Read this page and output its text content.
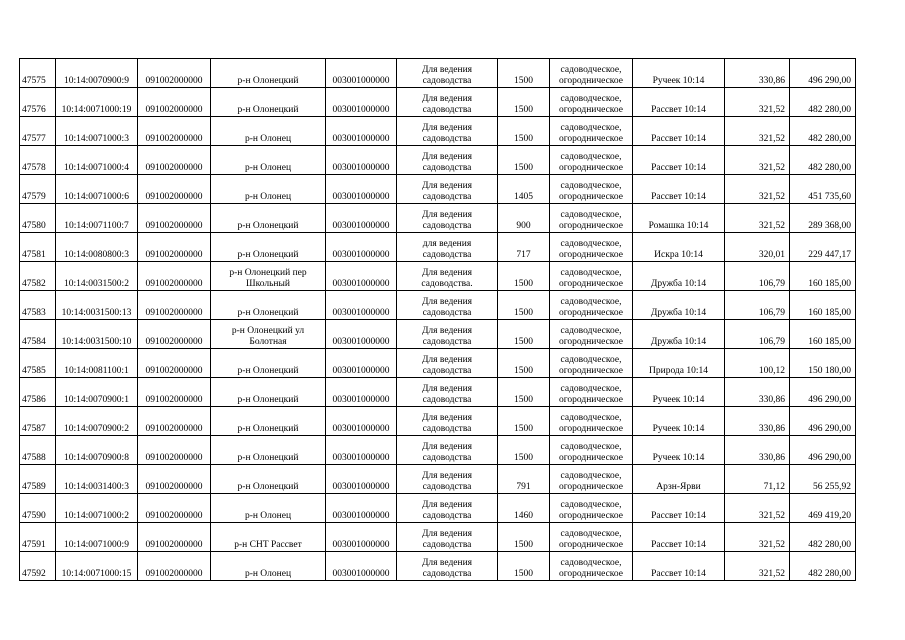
47575	10:14:0070900:9	091002000000	р-н Олонецкий	003001000000	Для ведения
садоводства	1500	садоводческое,
огородническое	Ручеек 10:14	330,86	496 290,00
47576	10:14:0071000:19	091002000000	р-н Олонецкий	003001000000	Для ведения
садоводства	1500	садоводческое,
огородническое	Рассвет 10:14	321,52	482 280,00
47577	10:14:0071000:3	091002000000	р-н Олонец	003001000000	Для ведения
садоводства	1500	садоводческое,
огородническое	Рассвет 10:14	321,52	482 280,00
47578	10:14:0071000:4	091002000000	р-н Олонец	003001000000	Для ведения
садоводства	1500	садоводческое,
огородническое	Рассвет 10:14	321,52	482 280,00
47579	10:14:0071000:6	091002000000	р-н Олонец	003001000000	Для ведения
садоводства	1405	садоводческое,
огородническое	Рассвет 10:14	321,52	451 735,60
47580	10:14:0071100:7	091002000000	р-н Олонецкий	003001000000	Для ведения
садоводства	900	садоводческое,
огородническое	Ромашка 10:14	321,52	289 368,00
47581	10:14:0080800:3	091002000000	р-н Олонецкий	003001000000	для ведения
садоводства	717	садоводческое,
огородническое	Искра 10:14	320,01	229 447,17
47582	10:14:0031500:2	091002000000	р-н Олонецкий пер
Школьный	003001000000	Для ведения
садоводства.	1500	садоводческое,
огородническое	Дружба 10:14	106,79	160 185,00
47583	10:14:0031500:13	091002000000	р-н Олонецкий	003001000000	Для ведения
садоводства	1500	садоводческое,
огородническое	Дружба 10:14	106,79	160 185,00
47584	10:14:0031500:10	091002000000	р-н Олонецкий ул
Болотная	003001000000	Для ведения
садоводства	1500	садоводческое,
огородническое	Дружба 10:14	106,79	160 185,00
47585	10:14:0081100:1	091002000000	р-н Олонецкий	003001000000	Для ведения
садоводства	1500	садоводческое,
огородническое	Природа 10:14	100,12	150 180,00
47586	10:14:0070900:1	091002000000	р-н Олонецкий	003001000000	Для ведения
садоводства	1500	садоводческое,
огородническое	Ручеек 10:14	330,86	496 290,00
47587	10:14:0070900:2	091002000000	р-н Олонецкий	003001000000	Для ведения
садоводства	1500	садоводческое,
огородническое	Ручеек 10:14	330,86	496 290,00
47588	10:14:0070900:8	091002000000	р-н Олонецкий	003001000000	Для ведения
садоводства	1500	садоводческое,
огородническое	Ручеек 10:14	330,86	496 290,00
47589	10:14:0031400:3	091002000000	р-н Олонецкий	003001000000	Для ведения
садоводства	791	садоводческое,
огородническое	Арзн-Ярви	71,12	56 255,92
47590	10:14:0071000:2	091002000000	р-н Олонец	003001000000	Для ведения
садоводства	1460	садоводческое,
огородническое	Рассвет 10:14	321,52	469 419,20
47591	10:14:0071000:9	091002000000	р-н СНТ Рассвет	003001000000	Для ведения
садоводства	1500	садоводческое,
огородническое	Рассвет 10:14	321,52	482 280,00
47592	10:14:0071000:15	091002000000	р-н Олонец	003001000000	Для ведения
садоводства	1500	садоводческое,
огородническое	Рассвет 10:14	321,52	482 280,00
